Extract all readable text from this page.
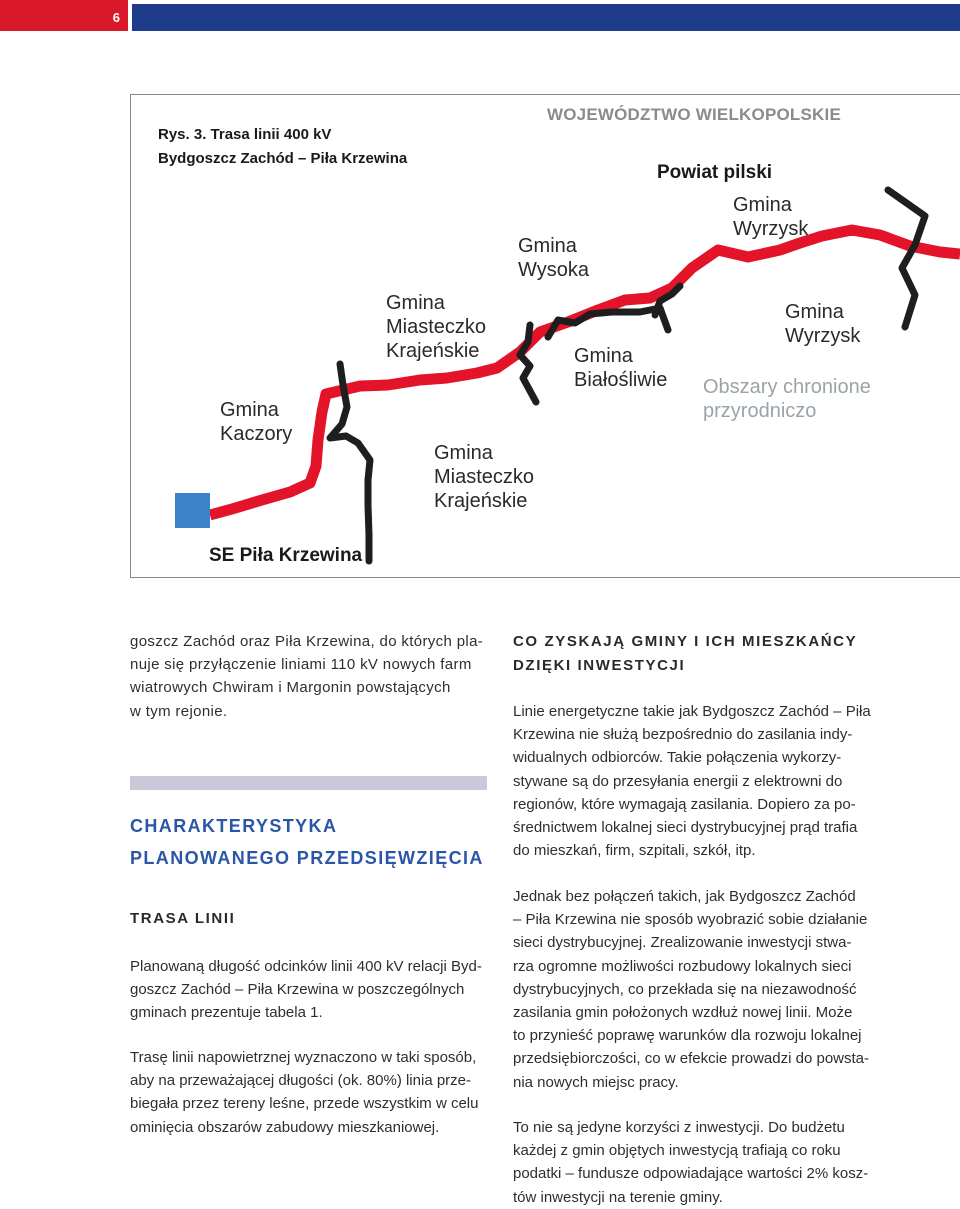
6
Rys. 3. Trasa linii 400 kV
Bydgoszcz Zachód – Piła Krzewina
WOJEWÓDZTWO WIELKOPOLSKIE
Powiat pilski
Gmina
Wyrzysk
Gmina
Wysoka
Gmina
Miasteczko
Krajeńskie
Gmina
Wyrzysk
Gmina
Białośliwie Obszary chronione
przyrodniczo
Gmina
Kaczory
Gmina
Miasteczko
Krajeńskie
SE Piła Krzewina

goszcz Zachód oraz Piła Krzewina, do których pla-

nuje się przyłączenie liniami 110 kV nowych farm

wiatrowych Chwiram i Margonin powstających

w tym rejonie.

CHARAKTERYSTYKA
PLANOWANEGO PRZEDSIĘWZIĘCIA
TRASA LINII

Planowaną długość odcinków linii 400 kV relacji Byd-

goszcz Zachód – Piła Krzewina w poszczególnych

gminach prezentuje tabela 1.

Trasę linii napowietrznej wyznaczono w taki sposób,

aby na przeważającej długości (ok. 80%) linia prze-

biegała przez tereny leśne, przede wszystkim w celu

ominięcia obszarów zabudowy mieszkaniowej.

CO ZYSKAJĄ GMINY I ICH MIESZKAŃCY
DZIĘKI INWESTYCJI

Linie energetyczne takie jak Bydgoszcz Zachód – Piła

Krzewina nie służą bezpośrednio do zasilania indy-

widualnych odbiorców. Takie połączenia wykorzy-

stywane są do przesyłania energii z elektrowni do

regionów, które wymagają zasilania. Dopiero za po-

średnictwem lokalnej sieci dystrybucyjnej prąd trafia

do mieszkań, firm, szpitali, szkół, itp.

Jednak bez połączeń takich, jak Bydgoszcz Zachód

– Piła Krzewina nie sposób wyobrazić sobie działanie

sieci dystrybucyjnej. Zrealizowanie inwestycji stwa-

rza ogromne możliwości rozbudowy lokalnych sieci

dystrybucyjnych, co przekłada się na niezawodność

zasilania gmin położonych wzdłuż nowej linii. Może

to przynieść poprawę warunków dla rozwoju lokalnej

przedsiębiorczości, co w efekcie prowadzi do powsta-

nia nowych miejsc pracy.

To nie są jedyne korzyści z inwestycji. Do budżetu

każdej z gmin objętych inwestycją trafiają co roku

podatki – fundusze odpowiadające wartości 2% kosz-

tów inwestycji na terenie gminy.
